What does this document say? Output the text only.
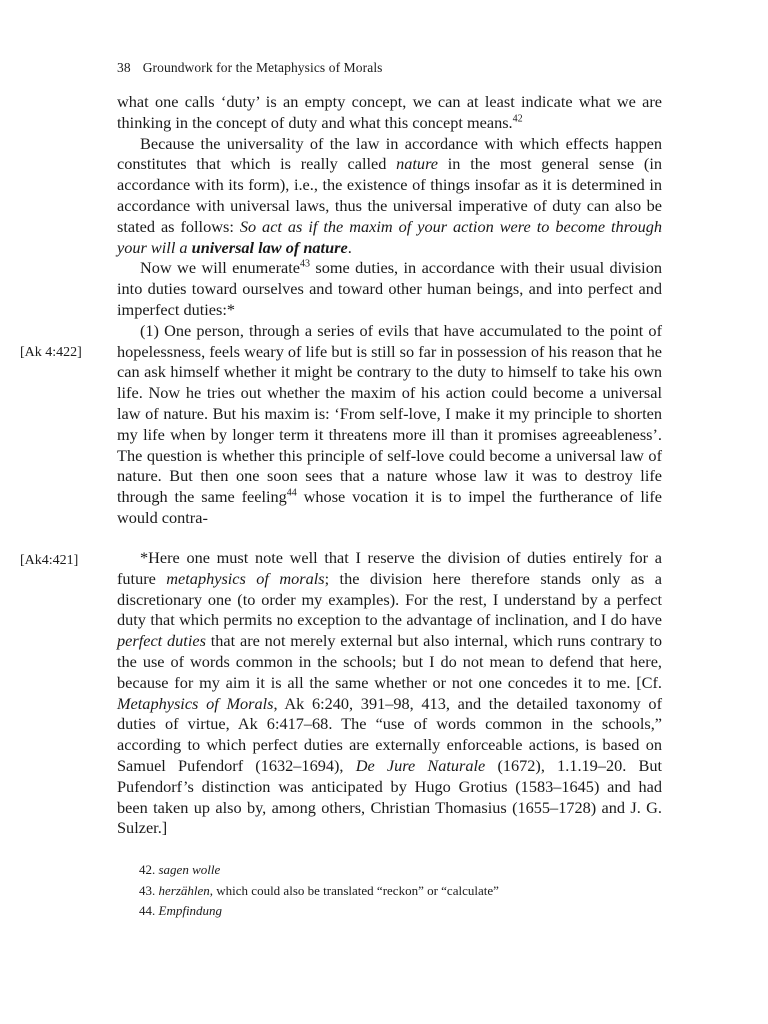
38 Groundwork for the Metaphysics of Morals
[Ak 4:422]
[Ak4:421]

what one calls ‘duty’ is an empty concept, we can at least indicate what we are thinking in the concept of duty and what this concept means.$^{42}$

Because the universality of the law in accordance with which effects happen constitutes that which is really called nature in the most general sense (in accordance with its form), i.e., the existence of things insofar as it is determined in accordance with universal laws, thus the universal imperative of duty can also be stated as follows: So act as if the maxim of your action were to become through your will a universal law of nature.

Now we will enumerate$^{43}$ some duties, in accordance with their usual division into duties toward ourselves and toward other human beings, and into perfect and imperfect duties:*

(1) One person, through a series of evils that have accumulated to the point of hopelessness, feels weary of life but is still so far in possession of his reason that he can ask himself whether it might be contrary to the duty to himself to take his own life. Now he tries out whether the maxim of his action could become a universal law of nature. But his maxim is: ‘From self-love, I make it my principle to shorten my life when by longer term it threatens more ill than it promises agreeableness’. The question is whether this principle of self-love could become a universal law of nature. But then one soon sees that a nature whose law it was to destroy life through the same feeling$^{44}$ whose vocation it is to impel the furtherance of life would contra-

*Here one must note well that I reserve the division of duties entirely for a future metaphysics of morals; the division here therefore stands only as a discretionary one (to order my examples). For the rest, I understand by a perfect duty that which permits no exception to the advantage of inclination, and I do have perfect duties that are not merely external but also internal, which runs contrary to the use of words common in the schools; but I do not mean to defend that here, because for my aim it is all the same whether or not one concedes it to me. [Cf. Metaphysics of Morals, Ak 6:240, 391–98, 413, and the detailed taxonomy of duties of virtue, Ak 6:417–68. The “use of words common in the schools,” according to which perfect duties are externally enforceable actions, is based on Samuel Pufendorf (1632–1694), De Jure Naturale (1672), 1.1.19–20. But Pufendorf’s distinction was anticipated by Hugo Grotius (1583–1645) and had been taken up also by, among others, Christian Thomasius (1655–1728) and J. G. Sulzer.]

42. sagen wolle
43. herzählen, which could also be translated “reckon” or “calculate”
44. Empfindung
